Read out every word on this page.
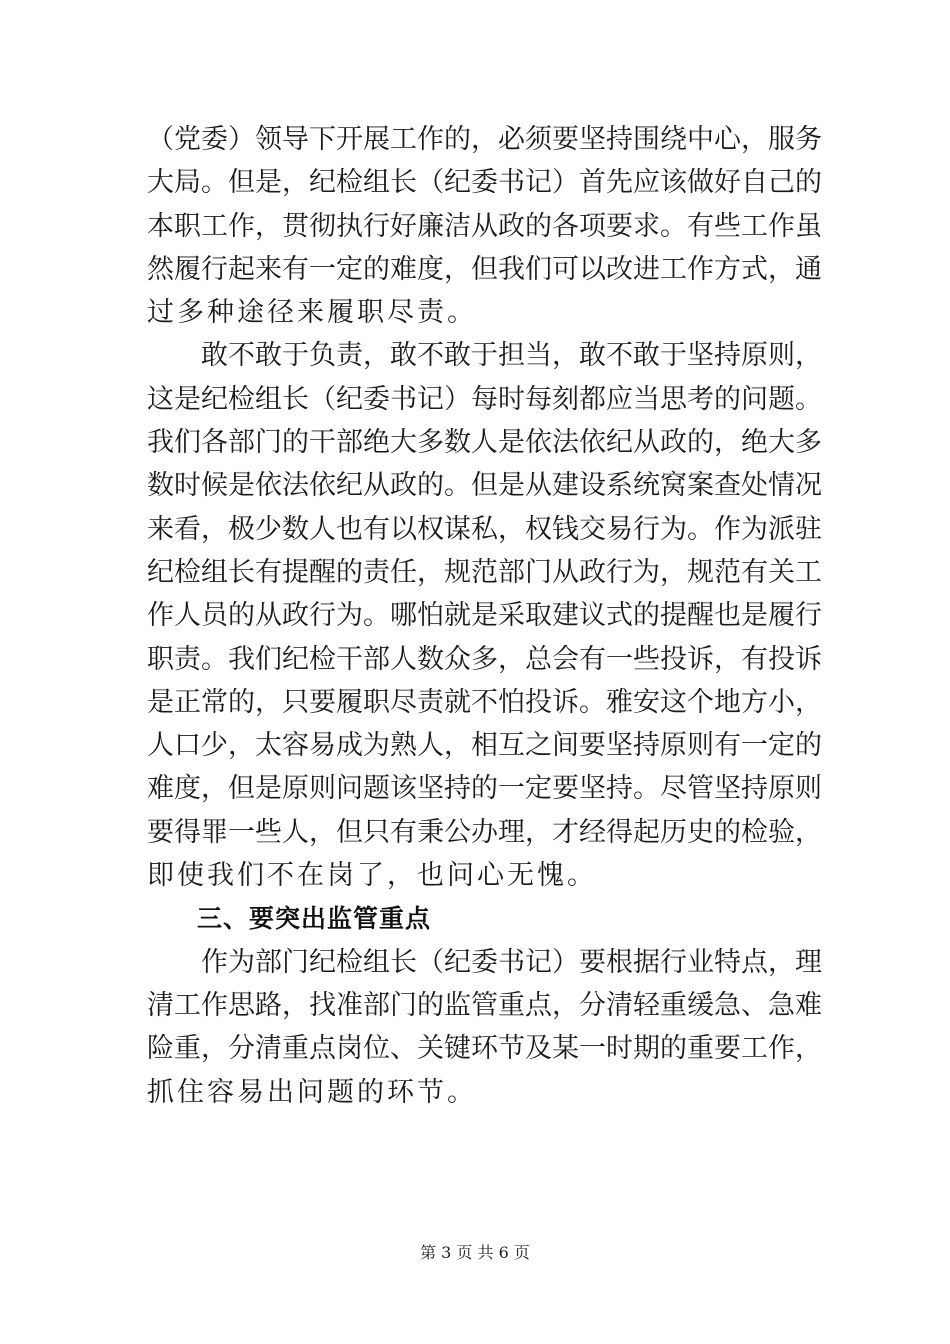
（ 党 委 ） 领 导 下 开 展 工 作 的 ， 必 须 要 坚 持 围 绕 中 心 ， 服 务
大 局 。 但 是 ， 纪 检 组 长 （ 纪 委 书 记 ） 首 先 应 该 做 好 自 己 的
本 职 工 作 ， 贯 彻 执 行 好 廉 洁 从 政 的 各 项 要 求 。 有 些 工 作 虽
然 履 行 起 来 有 一 定 的 难 度 ， 但 我 们 可 以 改 进 工 作 方 式 ， 通
过多种途径来履职尽责。
敢 不 敢 于 负 责 ， 敢 不 敢 于 担 当 ， 敢 不 敢 于 坚 持 原 则 ，
这 是 纪 检 组 长 （ 纪 委 书 记 ） 每 时 每 刻 都 应 当 思 考 的 问 题 。
我 们 各 部 门 的 干 部 绝 大 多 数 人 是 依 法 依 纪 从 政 的 ， 绝 大 多
数 时 候 是 依 法 依 纪 从 政 的 。 但 是 从 建 设 系 统 窝 案 查 处 情 况
来 看 ， 极 少 数 人 也 有 以 权 谋 私 ， 权 钱 交 易 行 为 。 作 为 派 驻
纪 检 组 长 有 提 醒 的 责 任 ， 规 范 部 门 从 政 行 为 ， 规 范 有 关 工
作 人 员 的 从 政 行 为 。 哪 怕 就 是 采 取 建 议 式 的 提 醒 也 是 履 行
职 责 。 我 们 纪 检 干 部 人 数 众 多 ， 总 会 有 一 些 投 诉 ， 有 投 诉
是 正 常 的 ， 只 要 履 职 尽 责 就 不 怕 投 诉 。 雅 安 这 个 地 方 小 ，
人 口 少 ， 太 容 易 成 为 熟 人 ， 相 互 之 间 要 坚 持 原 则 有 一 定 的
难 度 ， 但 是 原 则 问 题 该 坚 持 的 一 定 要 坚 持 。 尽 管 坚 持 原 则
要 得 罪 一 些 人 ， 但 只 有 秉 公 办 理 ， 才 经 得 起 历 史 的 检 验 ，
即使我们不在岗了，也问心无愧。
三、要突出监管重点
作 为 部 门 纪 检 组 长 （ 纪 委 书 记 ） 要 根 据 行 业 特 点 ， 理
清 工 作 思 路 ， 找 准 部 门 的 监 管 重 点 ， 分 清 轻 重 缓 急 、 急 难
险 重 ， 分 清 重 点 岗 位 、 关 键 环 节 及 某 一 时 期 的 重 要 工 作 ，
抓住容易出问题的环节。
第 3 页 共 6 页
